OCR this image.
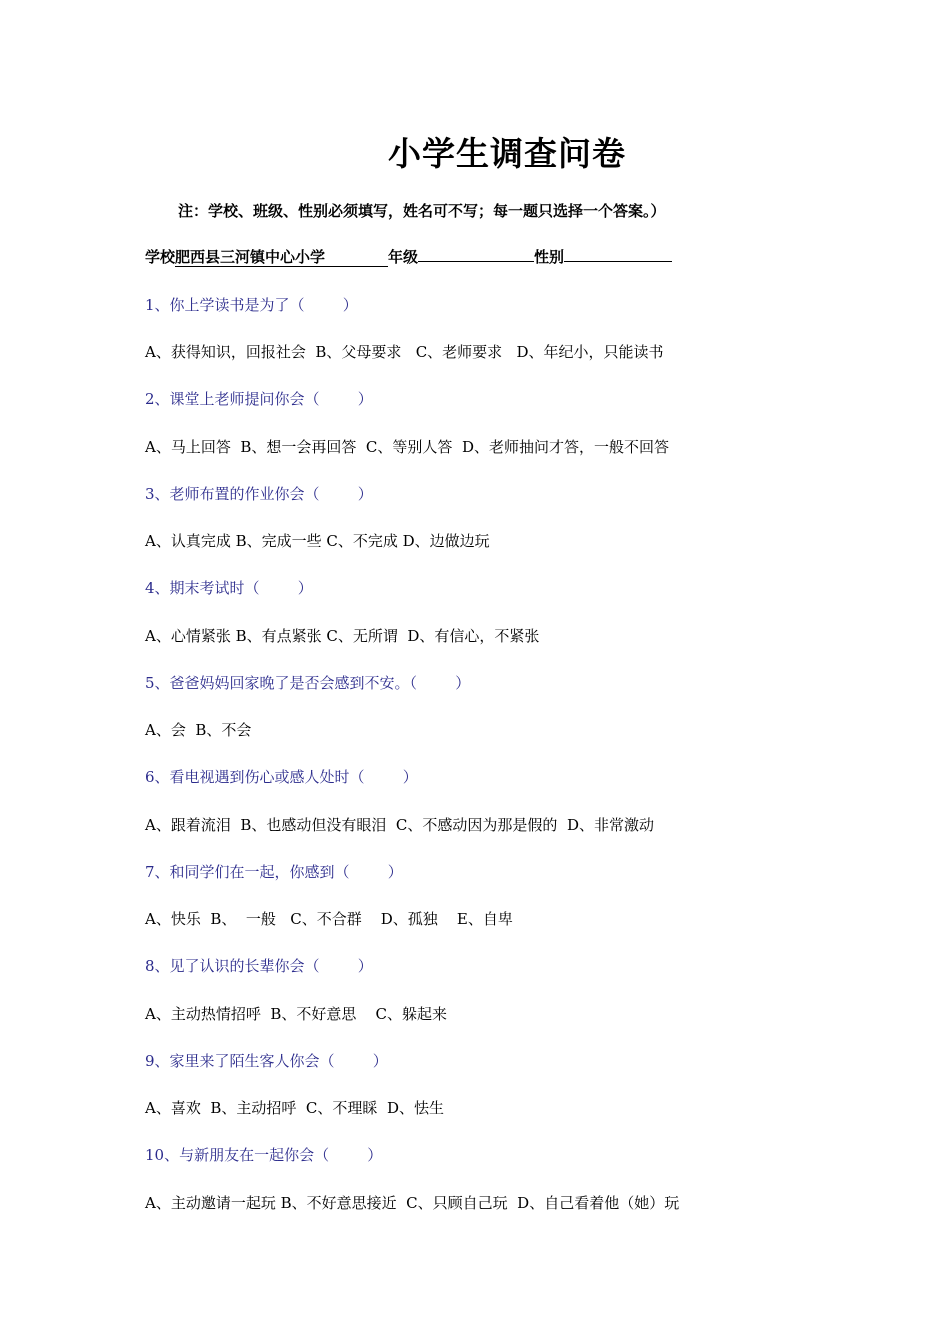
小学生调查问卷
注：学校、班级、性别必须填写，姓名可不写；每一题只选择一个答案。）
学校肥西县三河镇中心小学	年级	性别
1、你上学读书是为了（        ）
A、获得知识，回报社会  B、父母要求   C、老师要求   D、年纪小，只能读书
2、课堂上老师提问你会（        ）
A、马上回答  B、想一会再回答  C、等别人答  D、老师抽问才答，一般不回答
3、老师布置的作业你会（        ）
A、认真完成 B、完成一些 C、不完成 D、边做边玩
4、期末考试时（        ）
A、心情紧张 B、有点紧张 C、无所谓  D、有信心，不紧张
5、爸爸妈妈回家晚了是否会感到不安。（        ）
A、会  B、不会
6、看电视遇到伤心或感人处时（        ）
A、跟着流泪  B、也感动但没有眼泪  C、不感动因为那是假的  D、非常激动
7、和同学们在一起，你感到（        ）
A、快乐  B、  一般   C、不合群    D、孤独    E、自卑
8、见了认识的长辈你会（        ）
A、主动热情招呼  B、不好意思    C、躲起来
9、家里来了陌生客人你会（        ）
A、喜欢  B、主动招呼  C、不理睬  D、怯生
10、与新朋友在一起你会（        ）
A、主动邀请一起玩 B、不好意思接近  C、只顾自己玩  D、自己看着他（她）玩
